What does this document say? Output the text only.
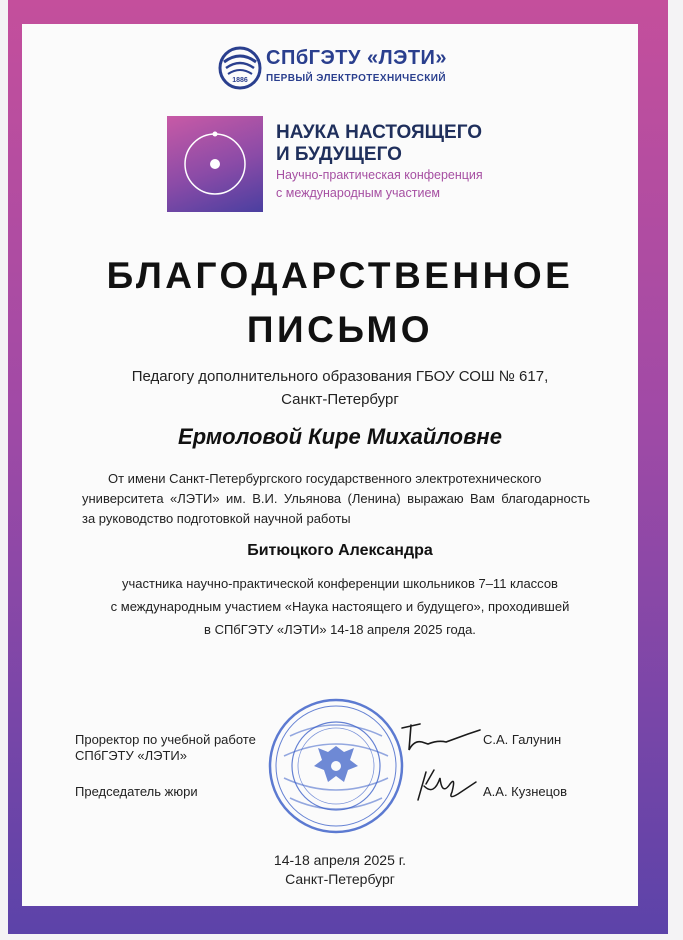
1886
СПбГЭТУ «ЛЭТИ»
ПЕРВЫЙ ЭЛЕКТРОТЕХНИЧЕСКИЙ
НАУКА НАСТОЯЩЕГО
И БУДУЩЕГО
Научно-практическая конференция
с международным участием
БЛАГОДАРСТВЕННОЕ
ПИСЬМО
Педагогу дополнительного образования ГБОУ СОШ № 617,
Санкт-Петербург
Ермоловой Кире Михайловне
От имени Санкт-Петербургского государственного электротехнического
университета «ЛЭТИ» им. В.И. Ульянова (Ленина) выражаю Вам благодарность
за руководство подготовкой научной работы
Битюцкого Александра
участника научно-практической конференции школьников 7–11 классов
с международным участием «Наука настоящего и будущего», проходившей
в СПбГЭТУ «ЛЭТИ» 14-18 апреля 2025 года.
Проректор по учебной работе
СПбГЭТУ «ЛЭТИ»
С.А. Галунин
Председатель жюри	А.А. Кузнецов
14-18 апреля 2025 г.
Санкт-Петербург
